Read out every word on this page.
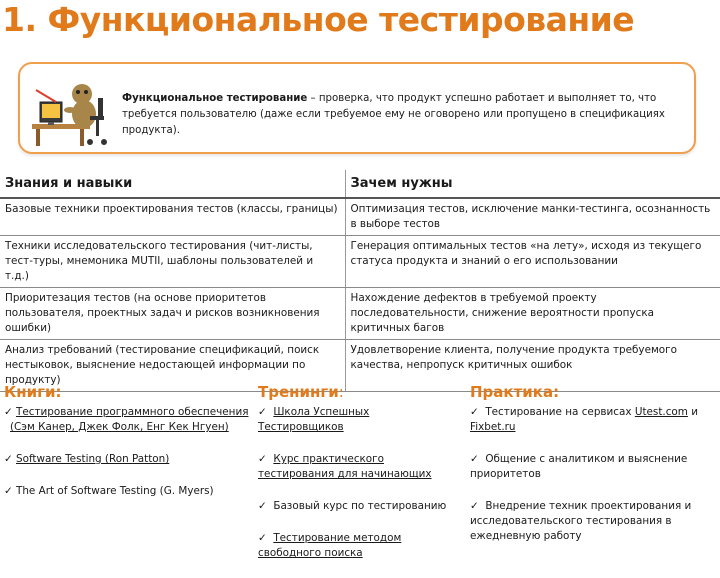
1. Функциональное тестирование
Функциональное тестирование – проверка, что продукт успешно работает и выполняет то, что требуется пользователю (даже если требуемое ему не оговорено или пропущено в спецификациях продукта).
Знания и навыки	Зачем нужны
Базовые техники проектирования тестов (классы, границы)	Оптимизация тестов, исключение манки-тестинга, осознанность в выборе тестов
Техники исследовательского тестирования (чит-листы, тест-туры, мнемоника MUTII, шаблоны пользователей и т.д.)	Генерация оптимальных тестов «на лету», исходя из текущего статуса продукта и знаний о его использовании
Приоритезация тестов (на основе приоритетов пользователя, проектных задач и рисков возникновения ошибки)	Нахождение дефектов в требуемой проекту последовательности, снижение вероятности пропуска критичных багов
Анализ требований (тестирование спецификаций, поиск нестыковок, выяснение недостающей информации по продукту)	Удовлетворение клиента, получение продукта требуемого качества, непропуск критичных ошибок
Книги:
✓ Тестирование программного обеспечения
(Сэм Канер, Джек Фолк, Енг Кек Нгуен)
✓ Software Testing (Ron Patton)
✓ The Art of Software Testing (G. Myers)
Тренинги:
✓ Школа Успешных Тестировщиков
✓ Курс практического тестирования для начинающих
✓ Базовый курс по тестированию
✓ Тестирование методом свободного поиска
Практика:
✓ Тестирование на сервисах Utest.com и
Fixbet.ru
✓ Общение с аналитиком и выяснение приоритетов
✓ Внедрение техник проектирования и исследовательского тестирования в ежедневную работу
